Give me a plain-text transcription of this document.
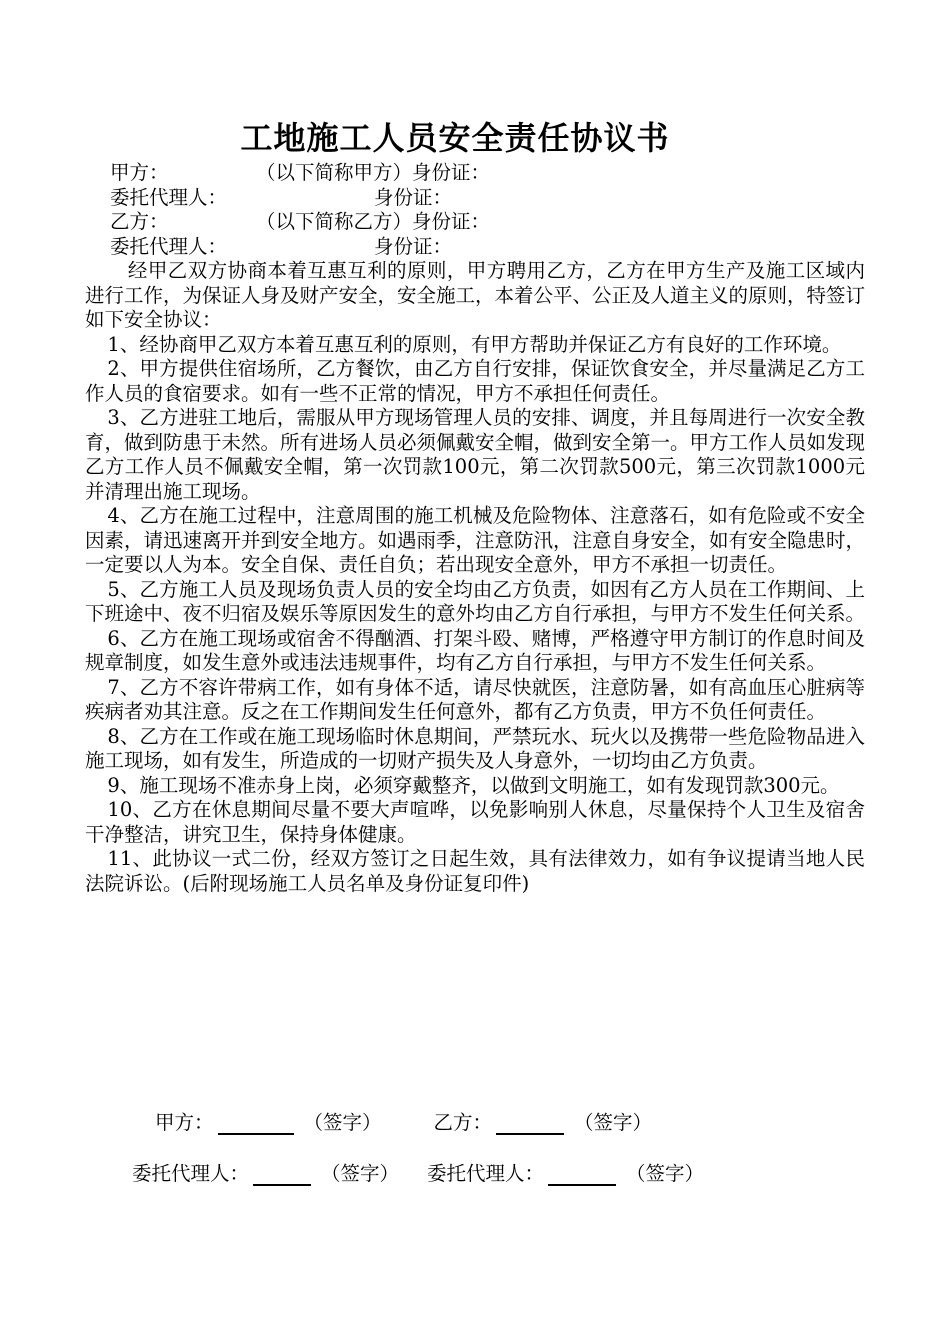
工地施工人员安全责任协议书
甲方：	（以下简称甲方）身份证：
委托代理人：	身份证：
乙方：	（以下简称乙方）身份证：
委托代理人：	身份证：

经甲乙双方协商本着互惠互利的原则，甲方聘用乙方，乙方在甲方生产及施工区域内进行工作，为保证人身及财产安全，安全施工，本着公平、公正及人道主义的原则，特签订如下安全协议：

1、经协商甲乙双方本着互惠互利的原则，有甲方帮助并保证乙方有良好的工作环境。

2、甲方提供住宿场所，乙方餐饮，由乙方自行安排，保证饮食安全，并尽量满足乙方工作人员的食宿要求。如有一些不正常的情况，甲方不承担任何责任。

3、乙方进驻工地后，需服从甲方现场管理人员的安排、调度，并且每周进行一次安全教育，做到防患于未然。所有进场人员必须佩戴安全帽，做到安全第一。甲方工作人员如发现乙方工作人员不佩戴安全帽，第一次罚款100元，第二次罚款500元，第三次罚款1000元并清理出施工现场。

4、乙方在施工过程中，注意周围的施工机械及危险物体、注意落石，如有危险或不安全因素，请迅速离开并到安全地方。如遇雨季，注意防汛，注意自身安全，如有安全隐患时，一定要以人为本。安全自保、责任自负；若出现安全意外，甲方不承担一切责任。

5、乙方施工人员及现场负责人员的安全均由乙方负责，如因有乙方人员在工作期间、上下班途中、夜不归宿及娱乐等原因发生的意外均由乙方自行承担，与甲方不发生任何关系。

6、乙方在施工现场或宿舍不得酗酒、打架斗殴、赌博，严格遵守甲方制订的作息时间及规章制度，如发生意外或违法违规事件，均有乙方自行承担，与甲方不发生任何关系。

7、乙方不容许带病工作，如有身体不适，请尽快就医，注意防暑，如有高血压心脏病等疾病者劝其注意。反之在工作期间发生任何意外，都有乙方负责，甲方不负任何责任。

8、乙方在工作或在施工现场临时休息期间，严禁玩水、玩火以及携带一些危险物品进入施工现场，如有发生，所造成的一切财产损失及人身意外，一切均由乙方负责。

9、施工现场不准赤身上岗，必须穿戴整齐，以做到文明施工，如有发现罚款300元。

10、乙方在休息期间尽量不要大声喧哗，以免影响别人休息，尽量保持个人卫生及宿舍干净整洁，讲究卫生，保持身体健康。

11、此协议一式二份，经双方签订之日起生效，具有法律效力，如有争议提请当地人民法院诉讼。(后附现场施工人员名单及身份证复印件)

甲方：	（签字）	乙方：	（签字）
委托代理人：	（签字） 委托代理人：	（签字）
